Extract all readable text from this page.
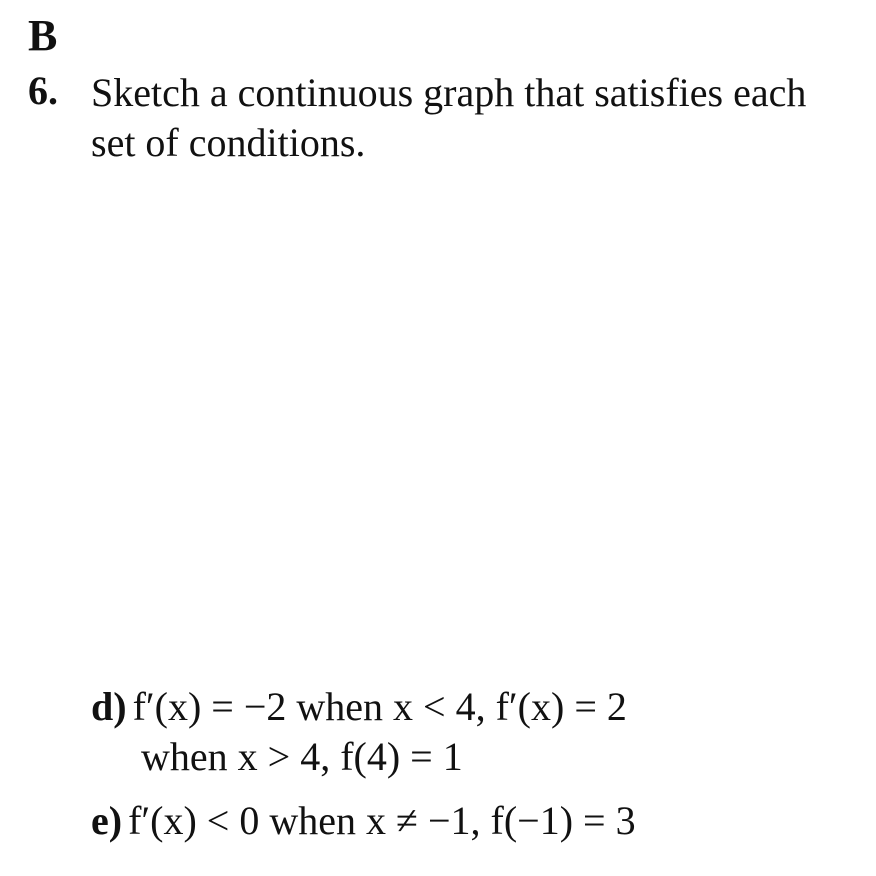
B
6. Sketch a continuous graph that satisfies each set of conditions.
d) f′(x) = −2 when x < 4, f′(x) = 2
when x > 4, f(4) = 1
e) f′(x) < 0 when x ≠ −1, f(−1) = 3
